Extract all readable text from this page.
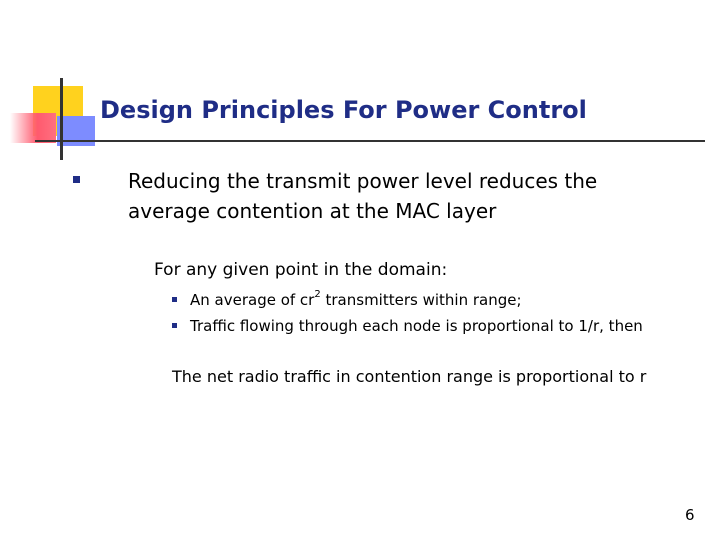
Design Principles For Power Control
Reducing the transmit power level reduces the average contention at the MAC layer
For any given point in the domain:
An average of $cr^2$ transmitters within range;
Traffic flowing through each node is proportional to 1/r, then
The net radio traffic in contention range is proportional to r
6
